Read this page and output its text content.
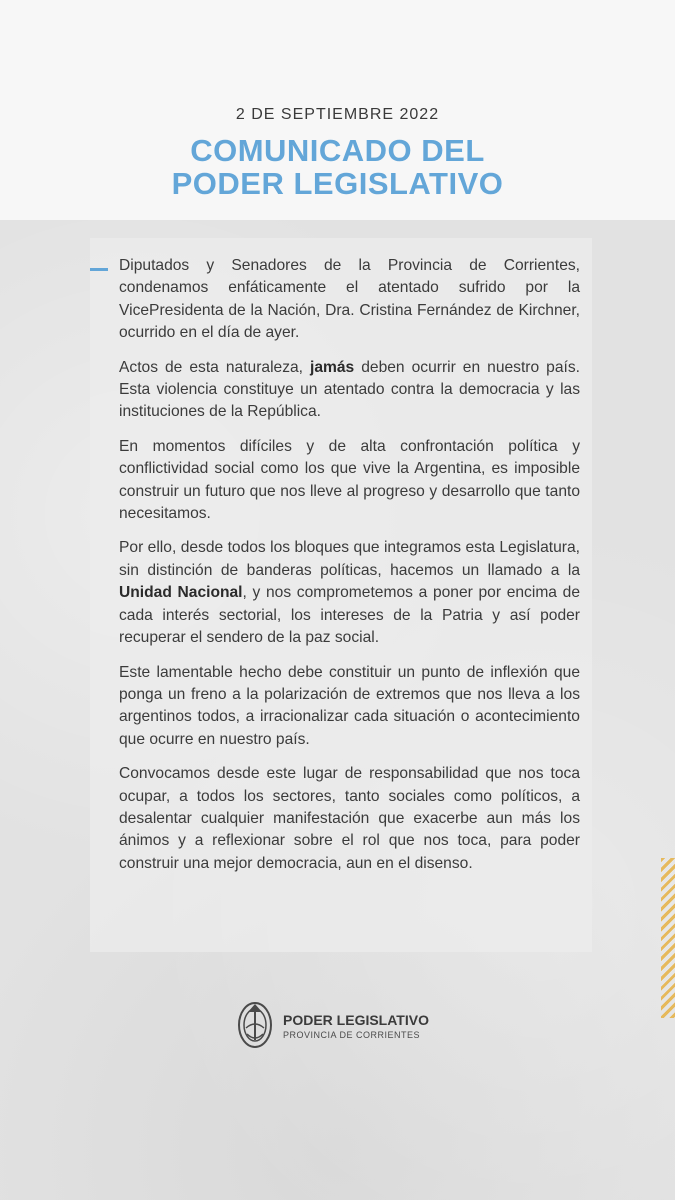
2 DE SEPTIEMBRE 2022
COMUNICADO DEL
PODER LEGISLATIVO

Diputados y Senadores de la Provincia de Corrientes, condenamos enfáticamente el atentado sufrido por la VicePresidenta de la Nación, Dra. Cristina Fernández de Kirchner, ocurrido en el día de ayer.

Actos de esta naturaleza, jamás deben ocurrir en nuestro país. Esta violencia constituye un atentado contra la democracia y las instituciones de la República.

En momentos difíciles y de alta confrontación política y conflictividad social como los que vive la Argentina, es imposible construir un futuro que nos lleve al progreso y desarrollo que tanto necesitamos.

Por ello, desde todos los bloques que integramos esta Legislatura, sin distinción de banderas políticas, hacemos un llamado a la Unidad Nacional, y nos comprometemos a poner por encima de cada interés sectorial, los intereses de la Patria y así poder recuperar el sendero de la paz social.

Este lamentable hecho debe constituir un punto de inflexión que ponga un freno a la polarización de extremos que nos lleva a los argentinos todos, a irracionalizar cada situación o acontecimiento que ocurre en nuestro país.

Convocamos desde este lugar de responsabilidad que nos toca ocupar, a todos los sectores, tanto sociales como políticos, a desalentar cualquier manifestación que exacerbe aun más los ánimos y a reflexionar sobre el rol que nos toca, para poder construir una mejor democracia, aun en el disenso.

PODER LEGISLATIVO
PROVINCIA DE CORRIENTES
